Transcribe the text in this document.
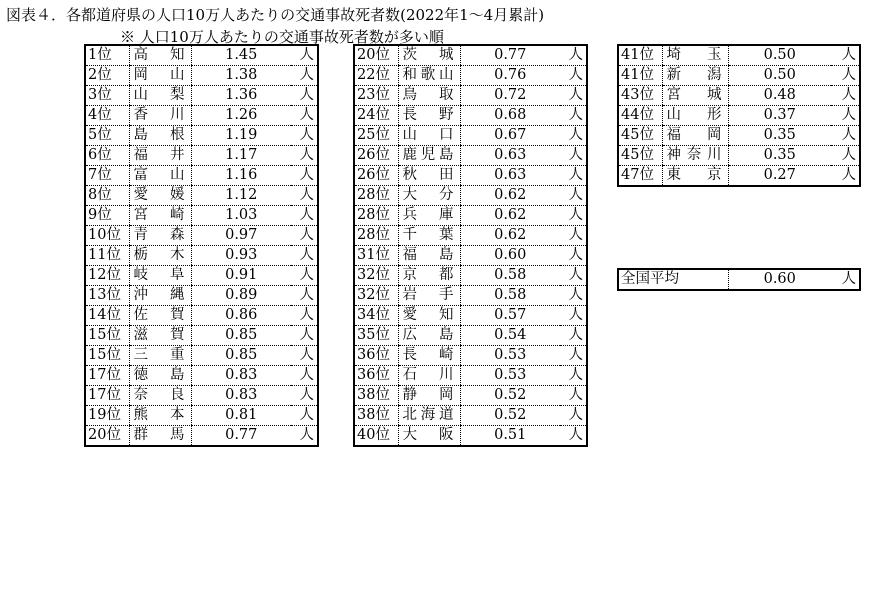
図表４．各都道府県の人口10万人あたりの交通事故死者数(2022年1～4月累計)
※ 人口10万人あたりの交通事故死者数が多い順
1位	高知	1.45	人
2位	岡山	1.38	人
3位	山梨	1.36	人
4位	香川	1.26	人
5位	島根	1.19	人
6位	福井	1.17	人
7位	富山	1.16	人
8位	愛媛	1.12	人
9位	宮崎	1.03	人
10位	青森	0.97	人
11位	栃木	0.93	人
12位	岐阜	0.91	人
13位	沖縄	0.89	人
14位	佐賀	0.86	人
15位	滋賀	0.85	人
15位	三重	0.85	人
17位	徳島	0.83	人
17位	奈良	0.83	人
19位	熊本	0.81	人
20位	群馬	0.77	人
20位	茨城	0.77	人
22位	和歌山	0.76	人
23位	鳥取	0.72	人
24位	長野	0.68	人
25位	山口	0.67	人
26位	鹿児島	0.63	人
26位	秋田	0.63	人
28位	大分	0.62	人
28位	兵庫	0.62	人
28位	千葉	0.62	人
31位	福島	0.60	人
32位	京都	0.58	人
32位	岩手	0.58	人
34位	愛知	0.57	人
35位	広島	0.54	人
36位	長崎	0.53	人
36位	石川	0.53	人
38位	静岡	0.52	人
38位	北海道	0.52	人
40位	大阪	0.51	人
41位	埼玉	0.50	人
41位	新潟	0.50	人
43位	宮城	0.48	人
44位	山形	0.37	人
45位	福岡	0.35	人
45位	神奈川	0.35	人
47位	東京	0.27	人
全国平均	0.60	人
